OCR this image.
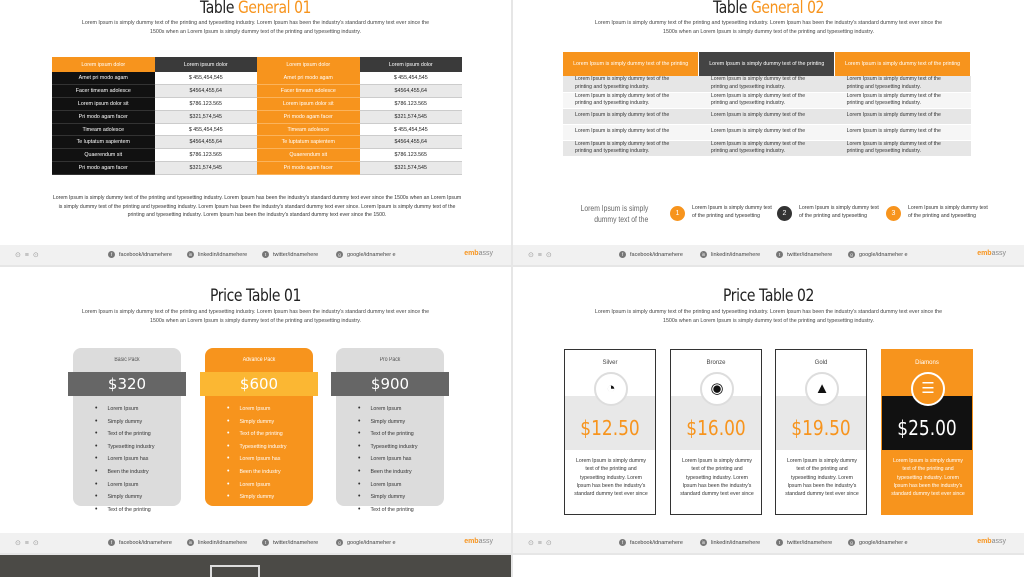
Table General 01
Lorem Ipsum is simply dummy text of the printing and typesetting industry. Lorem Ipsum has been the industry's standard dummy text ever since the 1500s when an Lorem Ipsum is simply dummy text of the printing and typesetting industry.
Lorem ipsum dolor	Lorem ipsum dolor	Lorem ipsum dolor	Lorem ipsum dolor
Amet pri modo agam	$ 455,454,545	Amet pri modo agam	$ 455,454,545
Facer timeam adolesce	$4564,455,64	Facer timeam adolesce	$4564,455,64
Lorem ipsum dolor sit	$786.123.565	Lorem ipsum dolor sit	$786.123.565
Pri modo agam facer	$321,574,545	Pri modo agam facer	$321,574,545
Timeam adolesce	$ 455,454,545	Timeam adolesce	$ 455,454,545
Te luptatum sapientem	$4564,455,64	Te luptatum sapientem	$4564,455,64
Quaerendum sit	$786.123.565	Quaerendum sit	$786.123.565
Pri modo agam facer	$321,574,545	Pri modo agam facer	$321,574,545
Lorem Ipsum is simply dummy text of the printing and typesetting industry. Lorem Ipsum has been the industry's standard dummy text ever since the 1500s when an Lorem Ipsum is simply dummy text of the printing and typesetting industry. Lorem Ipsum has been the industry's standard dummy text ever since. Lorem Ipsum is simply dummy text of the printing and typesetting industry. Lorem Ipsum has been the industry's standard dummy text ever since the 1500.
⊙ ≡ ⊙	f facebook/idnamehere	in linkedin/idnamehere	t twitter/idnamehere	g google/idnameher e	embassy
Table General 02
Lorem Ipsum is simply dummy text of the printing and typesetting industry. Lorem Ipsum has been the industry's standard dummy text ever since the 1500s when an Lorem Ipsum is simply dummy text of the printing and typesetting industry.
Lorem Ipsum is simply dummy text of the printing	Lorem Ipsum is simply dummy text of the printing	Lorem Ipsum is simply dummy text of the printing
Lorem Ipsum is simply dummy text of the printing and typesetting industry.	Lorem Ipsum is simply dummy text of the printing and typesetting industry.	Lorem Ipsum is simply dummy text of the printing and typesetting industry.
Lorem Ipsum is simply dummy text of the printing and typesetting industry.	Lorem Ipsum is simply dummy text of the printing and typesetting industry.	Lorem Ipsum is simply dummy text of the printing and typesetting industry.
Lorem Ipsum is simply dummy text of the	Lorem Ipsum is simply dummy text of the	Lorem Ipsum is simply dummy text of the
Lorem Ipsum is simply dummy text of the	Lorem Ipsum is simply dummy text of the	Lorem Ipsum is simply dummy text of the
Lorem Ipsum is simply dummy text of the printing and typesetting industry.	Lorem Ipsum is simply dummy text of the printing and typesetting industry.	Lorem Ipsum is simply dummy text of the printing and typesetting industry.
Lorem Ipsum is simply dummy text of the
1
Lorem Ipsum is simply dummy text of the printing and typesetting	2
Lorem Ipsum is simply dummy text of the printing and typesetting	3
Lorem Ipsum is simply dummy text of the printing and typesetting
⊙ ≡ ⊙	f facebook/idnamehere	in linkedin/idnamehere	t twitter/idnamehere	g google/idnameher e	embassy
Price Table 01
Lorem Ipsum is simply dummy text of the printing and typesetting industry. Lorem Ipsum has been the industry's standard dummy text ever since the 1500s when an Lorem Ipsum is simply dummy text of the printing and typesetting industry.
Basic Pack
$320
• Lorem Ipsum
• Simply dummy
• Text of the printing
• Typesetting industry
• Lorem Ipsum has
• Been the industry
• Lorem Ipsum
• Simply dummy
• Text of the printing
Advance Pack
$600
• Lorem Ipsum
• Simply dummy
• Text of the printing
• Typesetting industry
• Lorem Ipsum has
• Been the industry
• Lorem Ipsum
• Simply dummy
• Text of the printing
Pro Pack
$900
• Lorem Ipsum
• Simply dummy
• Text of the printing
• Typesetting industry
• Lorem Ipsum has
• Been the industry
• Lorem Ipsum
• Simply dummy
• Text of the printing
⊙ ≡ ⊙	f facebook/idnamehere	in linkedin/idnamehere	t twitter/idnamehere	g google/idnameher e	embassy
Price Table 02
Lorem Ipsum is simply dummy text of the printing and typesetting industry. Lorem Ipsum has been the industry's standard dummy text ever since the 1500s when an Lorem Ipsum is simply dummy text of the printing and typesetting industry.
Silver
◔
$12.50
Lorem Ipsum is simply dummy text of the printing and typesetting industry. Lorem Ipsum has been the industry's standard dummy text ever since
Bronze
◉
$16.00
Lorem Ipsum is simply dummy text of the printing and typesetting industry. Lorem Ipsum has been the industry's standard dummy text ever since
Gold
▲
$19.50
Lorem Ipsum is simply dummy text of the printing and typesetting industry. Lorem Ipsum has been the industry's standard dummy text ever since
Diamons
☰
$25.00
Lorem Ipsum is simply dummy text of the printing and typesetting industry. Lorem Ipsum has been the industry's standard dummy text ever since
⊙ ≡ ⊙	f facebook/idnamehere	in linkedin/idnamehere	t twitter/idnamehere	g google/idnameher e	embassy
